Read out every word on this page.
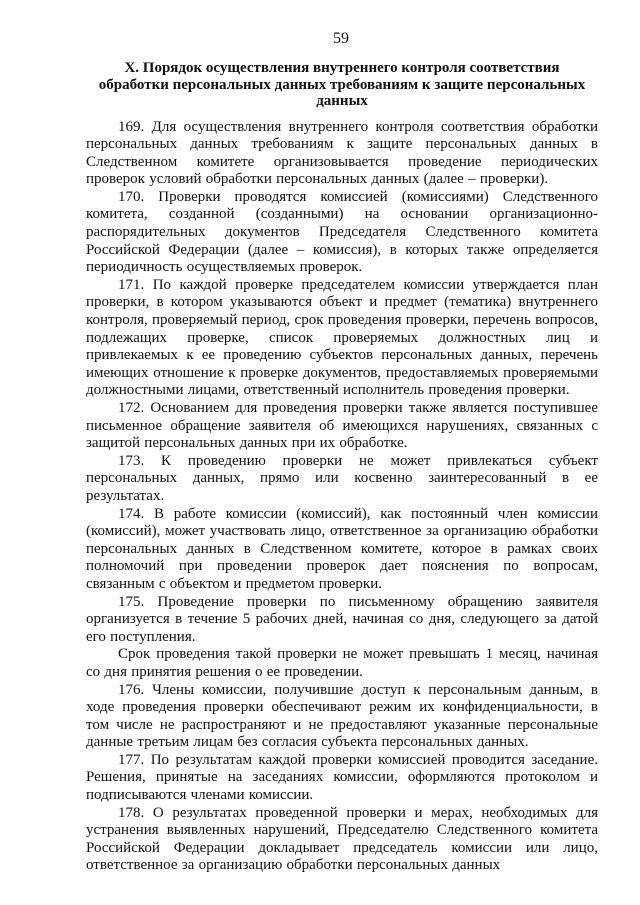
59
X. Порядок осуществления внутреннего контроля соответствия обработки персональных данных требованиям к защите персональных данных

169. Для осуществления внутреннего контроля соответствия обработки персональных данных требованиям к защите персональных данных в Следственном комитете организовывается проведение периодических проверок условий обработки персональных данных (далее – проверки).

170. Проверки проводятся комиссией (комиссиями) Следственного комитета, созданной (созданными) на основании организационно-распорядительных документов Председателя Следственного комитета Российской Федерации (далее – комиссия), в которых также определяется периодичность осуществляемых проверок.

171. По каждой проверке председателем комиссии утверждается план проверки, в котором указываются объект и предмет (тематика) внутреннего контроля, проверяемый период, срок проведения проверки, перечень вопросов, подлежащих проверке, список проверяемых должностных лиц и привлекаемых к ее проведению субъектов персональных данных, перечень имеющих отношение к проверке документов, предоставляемых проверяемыми должностными лицами, ответственный исполнитель проведения проверки.

172. Основанием для проведения проверки также является поступившее письменное обращение заявителя об имеющихся нарушениях, связанных с защитой персональных данных при их обработке.

173. К проведению проверки не может привлекаться субъект персональных данных, прямо или косвенно заинтересованный в ее результатах.

174. В работе комиссии (комиссий), как постоянный член комиссии (комиссий), может участвовать лицо, ответственное за организацию обработки персональных данных в Следственном комитете, которое в рамках своих полномочий при проведении проверок дает пояснения по вопросам, связанным с объектом и предметом проверки.

175. Проведение проверки по письменному обращению заявителя организуется в течение 5 рабочих дней, начиная со дня, следующего за датой его поступления.

Срок проведения такой проверки не может превышать 1 месяц, начиная со дня принятия решения о ее проведении.

176. Члены комиссии, получившие доступ к персональным данным, в ходе проведения проверки обеспечивают режим их конфиденциальности, в том числе не распространяют и не предоставляют указанные персональные данные третьим лицам без согласия субъекта персональных данных.

177. По результатам каждой проверки комиссией проводится заседание. Решения, принятые на заседаниях комиссии, оформляются протоколом и подписываются членами комиссии.

178. О результатах проведенной проверки и мерах, необходимых для устранения выявленных нарушений, Председателю Следственного комитета Российской Федерации докладывает председатель комиссии или лицо, ответственное за организацию обработки персональных данных
